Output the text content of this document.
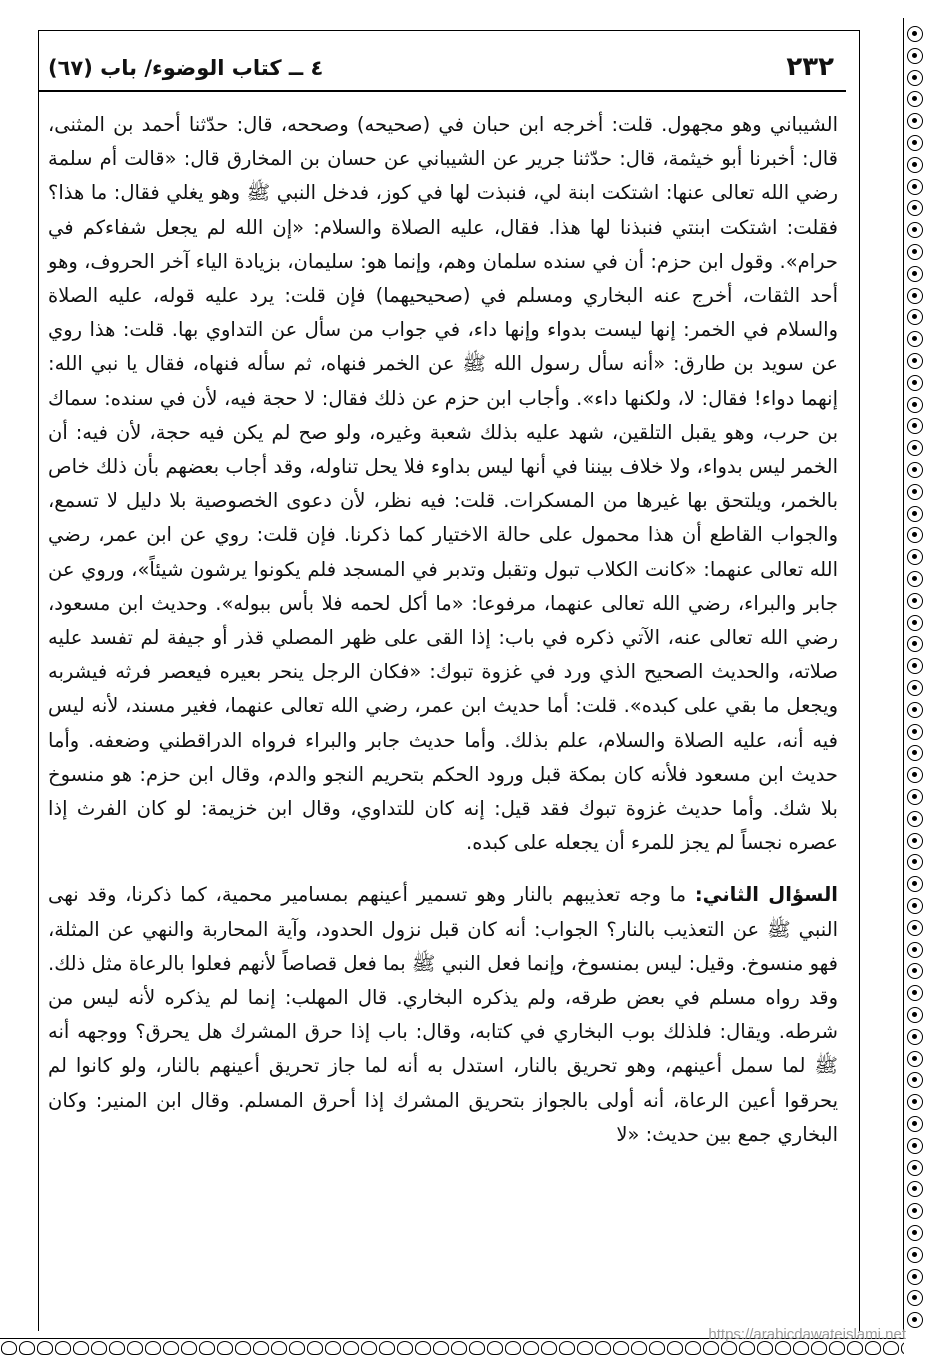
٢٣٢
٤ ــ كتاب الوضوء/ باب (٦٧)

الشيباني وهو مجهول. قلت: أخرجه ابن حبان في (صحيحه) وصححه، قال: حدّثنا أحمد بن المثنى، قال: أخبرنا أبو خيثمة، قال: حدّثنا جرير عن الشيباني عن حسان بن المخارق قال: «قالت أم سلمة رضي الله تعالى عنها: اشتكت ابنة لي، فنبذت لها في كوز، فدخل النبي ﷺ وهو يغلي فقال: ما هذا؟ فقلت: اشتكت ابنتي فنبذنا لها هذا. فقال، عليه الصلاة والسلام: «إن الله لم يجعل شفاءكم في حرام». وقول ابن حزم: أن في سنده سلمان وهم، وإنما هو: سليمان، بزيادة الياء آخر الحروف، وهو أحد الثقات، أخرج عنه البخاري ومسلم في (صحيحيهما) فإن قلت: يرد عليه قوله، عليه الصلاة والسلام في الخمر: إنها ليست بدواء وإنها داء، في جواب من سأل عن التداوي بها. قلت: هذا روي عن سويد بن طارق: «أنه سأل رسول الله ﷺ عن الخمر فنهاه، ثم سأله فنهاه، فقال يا نبي الله: إنهما دواء! فقال: لا، ولكنها داء». وأجاب ابن حزم عن ذلك فقال: لا حجة فيه، لأن في سنده: سماك بن حرب، وهو يقبل التلقين، شهد عليه بذلك شعبة وغيره، ولو صح لم يكن فيه حجة، لأن فيه: أن الخمر ليس بدواء، ولا خلاف بيننا في أنها ليس بداوء فلا يحل تناوله، وقد أجاب بعضهم بأن ذلك خاص بالخمر، ويلتحق بها غيرها من المسكرات. قلت: فيه نظر، لأن دعوى الخصوصية بلا دليل لا تسمع، والجواب القاطع أن هذا محمول على حالة الاختيار كما ذكرنا. فإن قلت: روي عن ابن عمر، رضي الله تعالى عنهما: «كانت الكلاب تبول وتقبل وتدبر في المسجد فلم يكونوا يرشون شيئاً»، وروي عن جابر والبراء، رضي الله تعالى عنهما، مرفوعا: «ما أكل لحمه فلا بأس ببوله». وحديث ابن مسعود، رضي الله تعالى عنه، الآتي ذكره في باب: إذا القى على ظهر المصلي قذر أو جيفة لم تفسد عليه صلاته، والحديث الصحيح الذي ورد في غزوة تبوك: «فكان الرجل ينحر بعيره فيعصر فرثه فيشربه ويجعل ما بقي على كبده». قلت: أما حديث ابن عمر، رضي الله تعالى عنهما، فغير مسند، لأنه ليس فيه أنه، عليه الصلاة والسلام، علم بذلك. وأما حديث جابر والبراء فرواه الدراقطني وضعفه. وأما حديث ابن مسعود فلأنه كان بمكة قبل ورود الحكم بتحريم النجو والدم، وقال ابن حزم: هو منسوخ بلا شك. وأما حديث غزوة تبوك فقد قيل: إنه كان للتداوي، وقال ابن خزيمة: لو كان الفرث إذا عصره نجساً لم يجز للمرء أن يجعله على كبده.

السؤال الثاني: ما وجه تعذيبهم بالنار وهو تسمير أعينهم بمسامير محمية، كما ذكرنا، وقد نهى النبي ﷺ عن التعذيب بالنار؟ الجواب: أنه كان قبل نزول الحدود، وآية المحاربة والنهي عن المثلة، فهو منسوخ. وقيل: ليس بمنسوخ، وإنما فعل النبي ﷺ بما فعل قصاصاً لأنهم فعلوا بالرعاة مثل ذلك. وقد رواه مسلم في بعض طرقه، ولم يذكره البخاري. قال المهلب: إنما لم يذكره لأنه ليس من شرطه. ويقال: فلذلك بوب البخاري في كتابه، وقال: باب إذا حرق المشرك هل يحرق؟ ووجهه أنه ﷺ لما سمل أعينهم، وهو تحريق بالنار، استدل به أنه لما جاز تحريق أعينهم بالنار، ولو كانوا لم يحرقوا أعين الرعاة، أنه أولى بالجواز بتحريق المشرك إذا أحرق المسلم. وقال ابن المنير: وكان البخاري جمع بين حديث: «لا

https://arabicdawateislami.net
